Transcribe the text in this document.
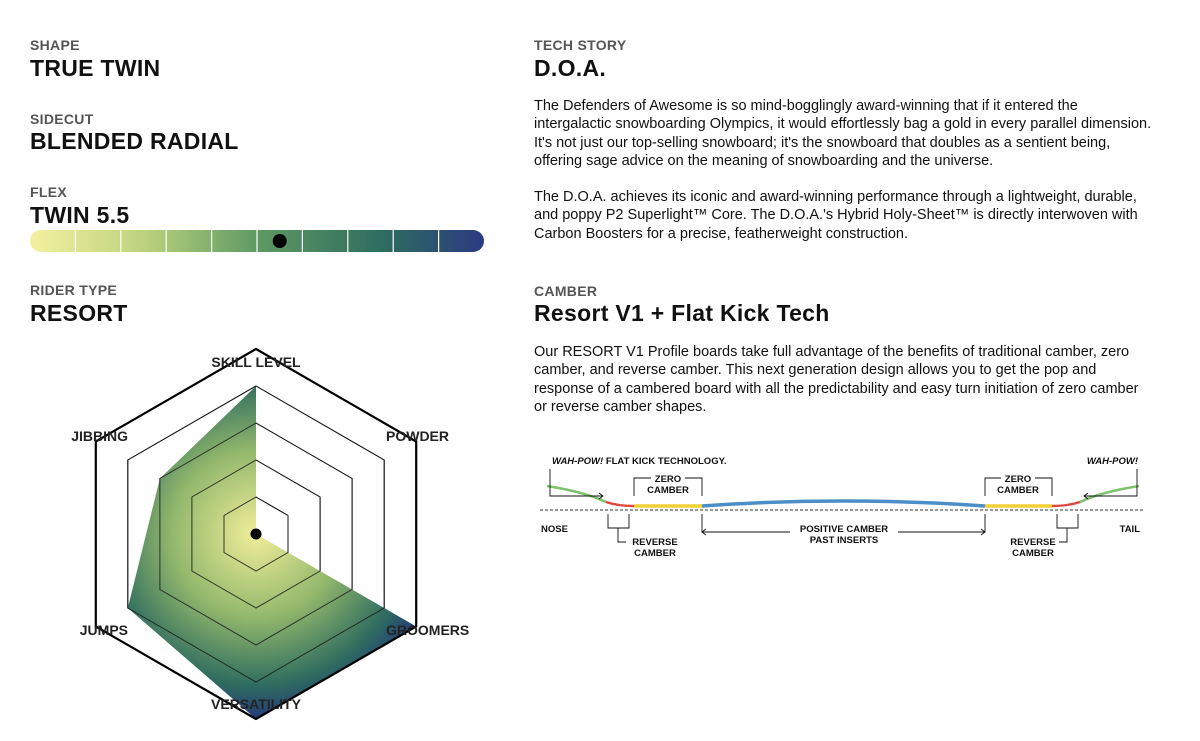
SHAPE
TRUE TWIN
SIDECUT
BLENDED RADIAL
FLEX
TWIN 5.5
RIDER TYPE
RESORT
SKILL LEVEL
POWDER
GROOMERS
VERSATILITY
JUMPS
JIBBING
TECH STORY
D.O.A.

The Defenders of Awesome is so mind-bogglingly award-winning that if it entered the intergalactic snowboarding Olympics, it would effortlessly bag a gold in every parallel dimension. It's not just our top-selling snowboard; it's the snowboard that doubles as a sentient being, offering sage advice on the meaning of snowboarding and the universe.

The D.O.A. achieves its iconic and award-winning performance through a lightweight, durable, and poppy P2 Superlight™ Core. The D.O.A.'s Hybrid Holy-Sheet™ is directly interwoven with Carbon Boosters for a precise, featherweight construction.

CAMBER
Resort V1 + Flat Kick Tech

Our RESORT V1 Profile boards take full advantage of the benefits of traditional camber, zero camber, and reverse camber. This next generation design allows you to get the pop and response of a cambered board with all the predictability and easy turn initiation of zero camber or reverse camber shapes.

WAH-POW! FLAT KICK TECHNOLOGY.
ZERO
CAMBER
ZERO
CAMBER
WAH-POW!
NOSE	TAIL
REVERSE
CAMBER
POSITIVE CAMBER
PAST INSERTS	REVERSE
CAMBER
